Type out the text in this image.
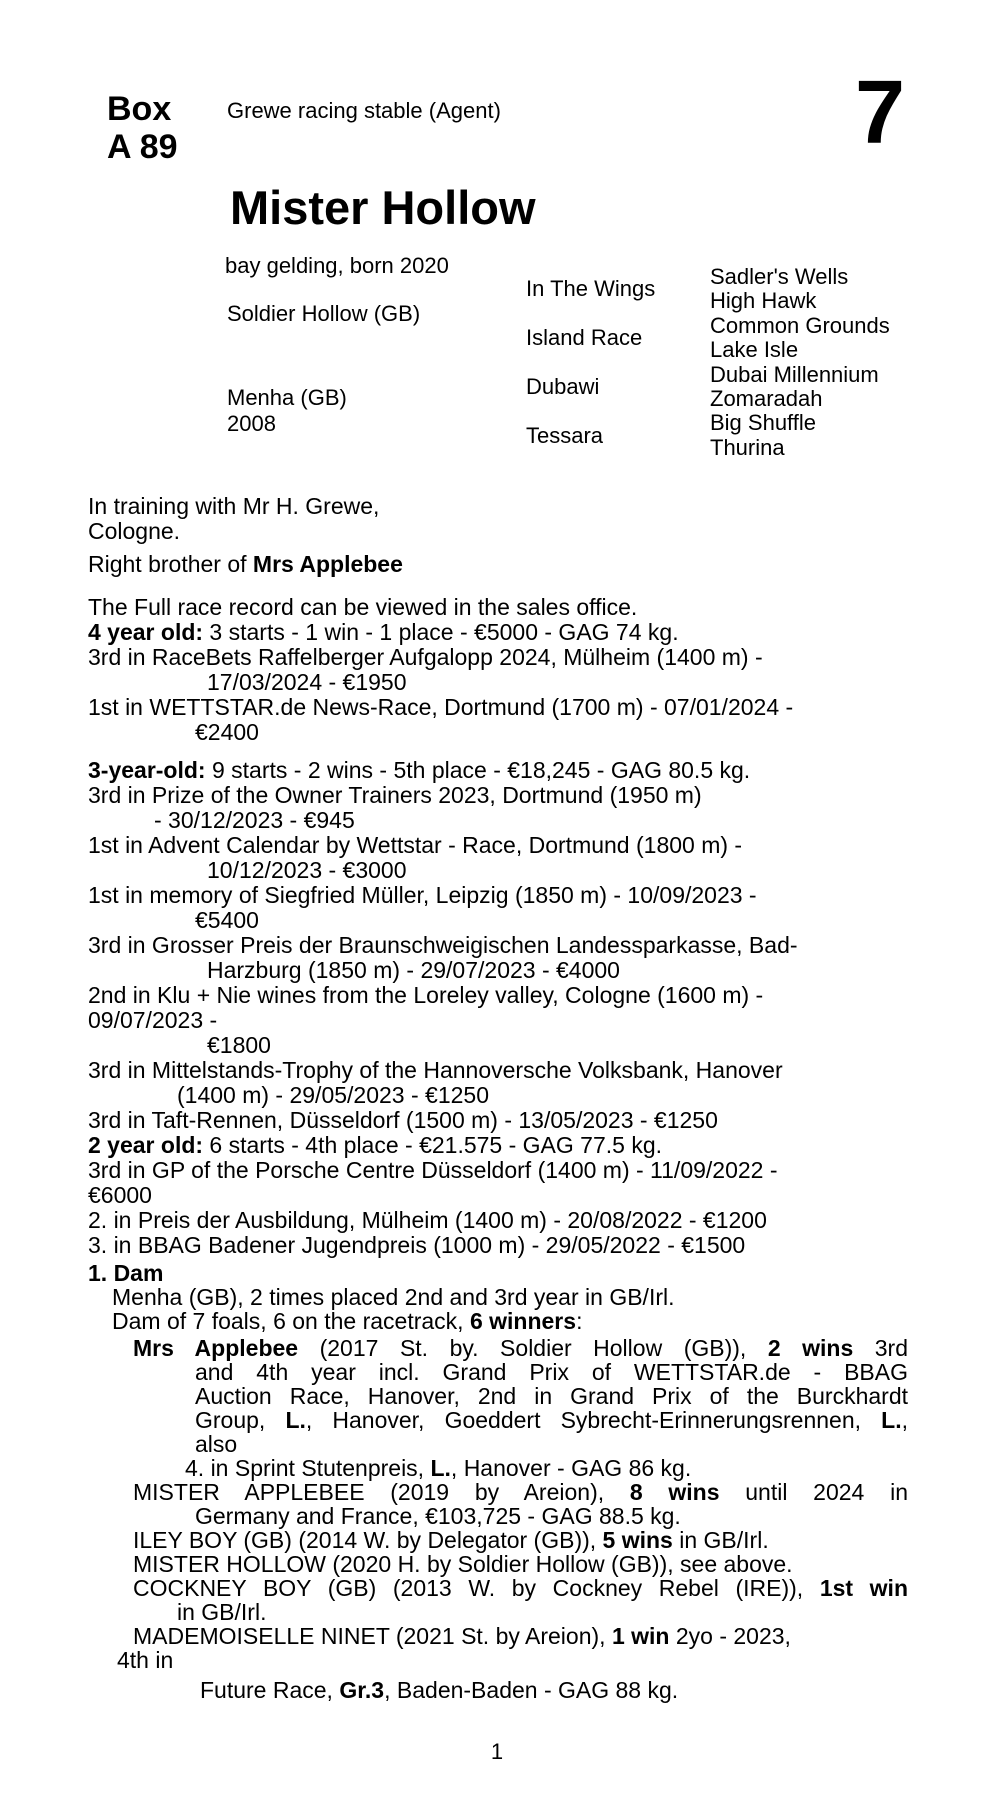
Box
A 89
Grewe racing stable (Agent)	7
Mister Hollow
bay gelding, born 2020
Soldier Hollow (GB)
Menha (GB)
2008
In The Wings
Island Race
Dubawi
Tessara
Sadler's Wells
High Hawk
Common Grounds
Lake Isle
Dubai Millennium
Zomaradah
Big Shuffle
Thurina
In training with Mr H. Grewe,
Cologne.
Right brother of Mrs Applebee
The Full race record can be viewed in the sales office.
4 year old: 3 starts - 1 win - 1 place - €5000 - GAG 74 kg.
3rd in RaceBets Raffelberger Aufgalopp 2024, Mülheim (1400 m) -
17/03/2024 - €1950
1st in WETTSTAR.de News-Race, Dortmund (1700 m) - 07/01/2024 -
€2400
3-year-old: 9 starts - 2 wins - 5th place - €18,245 - GAG 80.5 kg.
3rd in Prize of the Owner Trainers 2023, Dortmund (1950 m)
- 30/12/2023 - €945
1st in Advent Calendar by Wettstar - Race, Dortmund (1800 m) -
10/12/2023 - €3000
1st in memory of Siegfried Müller, Leipzig (1850 m) - 10/09/2023 -
€5400
3rd in Grosser Preis der Braunschweigischen Landessparkasse, Bad-
Harzburg (1850 m) - 29/07/2023 - €4000
2nd in Klu + Nie wines from the Loreley valley, Cologne (1600 m) -
09/07/2023 -
€1800
3rd in Mittelstands-Trophy of the Hannoversche Volksbank, Hanover
(1400 m) - 29/05/2023 - €1250
3rd in Taft-Rennen, Düsseldorf (1500 m) - 13/05/2023 - €1250
2 year old: 6 starts - 4th place - €21.575 - GAG 77.5 kg.
3rd in GP of the Porsche Centre Düsseldorf (1400 m) - 11/09/2022 -
€6000
2. in Preis der Ausbildung, Mülheim (1400 m) - 20/08/2022 - €1200
3. in BBAG Badener Jugendpreis (1000 m) - 29/05/2022 - €1500
1. Dam
Menha (GB), 2 times placed 2nd and 3rd year in GB/Irl.
Dam of 7 foals, 6 on the racetrack, 6 winners:
Mrs Applebee (2017 St. by. Soldier Hollow (GB)), 2 wins 3rd
and 4th year incl. Grand Prix of WETTSTAR.de - BBAG
Auction Race, Hanover, 2nd in Grand Prix of the Burckhardt
Group, L., Hanover, Goeddert Sybrecht-Erinnerungsrennen, L.,
also
4. in Sprint Stutenpreis, L., Hanover - GAG 86 kg.
MISTER APPLEBEE (2019 by Areion), 8 wins until 2024 in
Germany and France, €103,725 - GAG 88.5 kg.
ILEY BOY (GB) (2014 W. by Delegator (GB)), 5 wins in GB/Irl.
MISTER HOLLOW (2020 H. by Soldier Hollow (GB)), see above.
COCKNEY BOY (GB) (2013 W. by Cockney Rebel (IRE)), 1st win
in GB/Irl.
MADEMOISELLE NINET (2021 St. by Areion), 1 win 2yo - 2023,
4th in
Future Race, Gr.3, Baden-Baden - GAG 88 kg.
1
